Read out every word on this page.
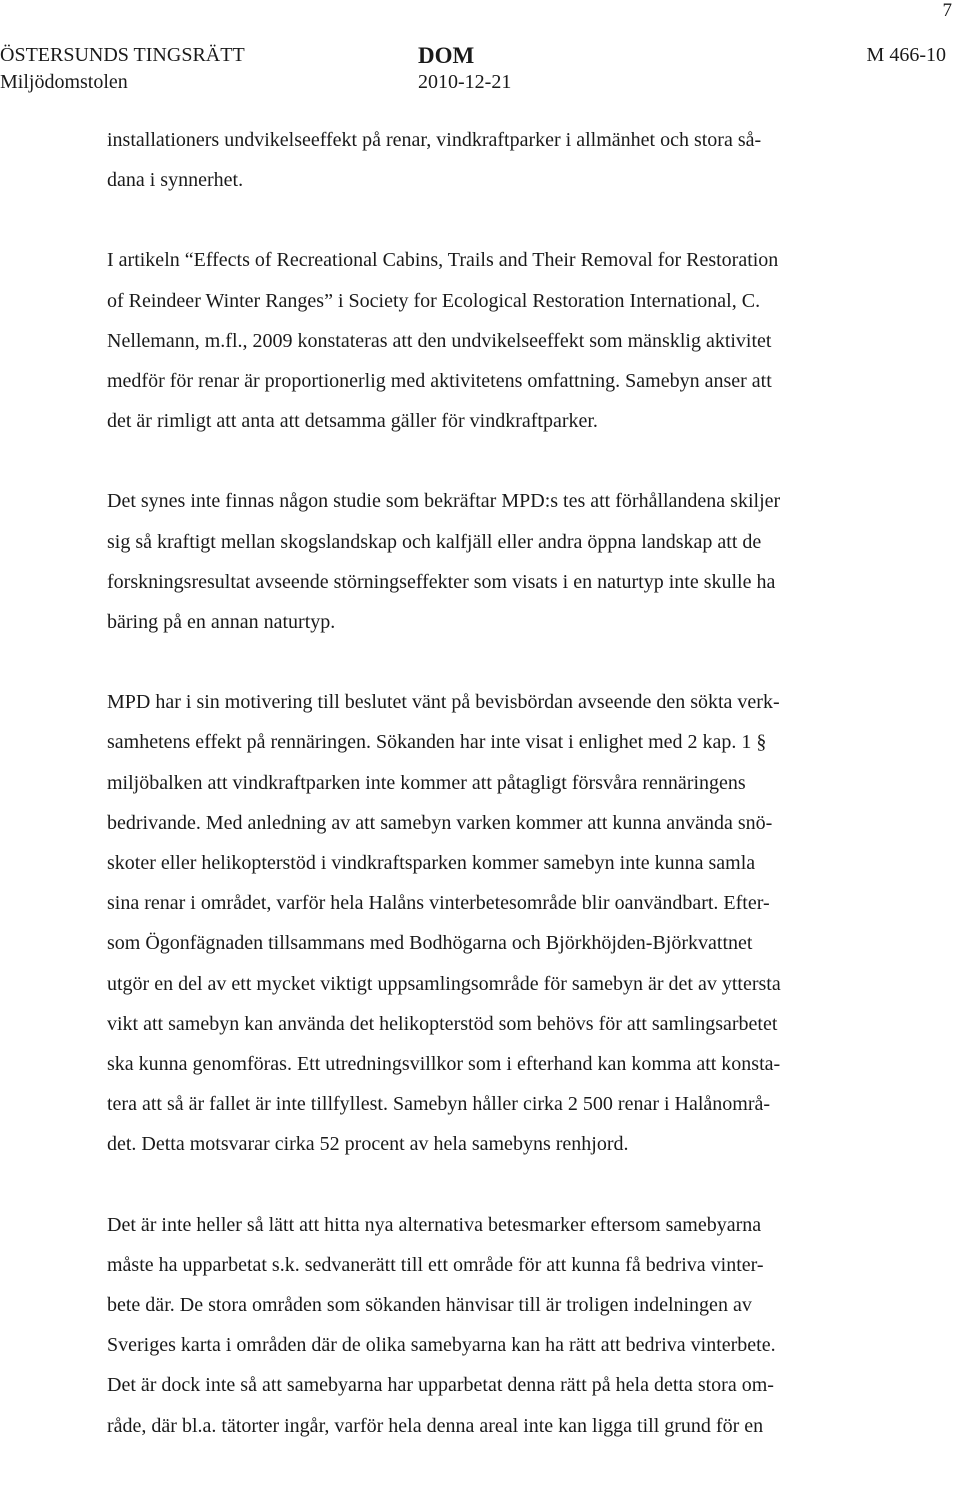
7
ÖSTERSUNDS TINGSRÄTT
Miljödomstolen
DOM
2010-12-21
M 466-10

installationers undvikelseeffekt på renar, vindkraftparker i allmänhet och stora så-
dana i synnerhet.

I artikeln “Effects of Recreational Cabins, Trails and Their Removal for Restoration
of Reindeer Winter Ranges” i Society for Ecological Restoration International, C.
Nellemann, m.fl., 2009 konstateras att den undvikelseeffekt som mänsklig aktivitet
medför för renar är proportionerlig med aktivitetens omfattning. Samebyn anser att
det är rimligt att anta att detsamma gäller för vindkraftparker.

Det synes inte finnas någon studie som bekräftar MPD:s tes att förhållandena skiljer
sig så kraftigt mellan skogslandskap och kalfjäll eller andra öppna landskap att de
forskningsresultat avseende störningseffekter som visats i en naturtyp inte skulle ha
bäring på en annan naturtyp.

MPD har i sin motivering till beslutet vänt på bevisbördan avseende den sökta verk-
samhetens effekt på rennäringen. Sökanden har inte visat i enlighet med 2 kap. 1 §
miljöbalken att vindkraftparken inte kommer att påtagligt försvåra rennäringens
bedrivande. Med anledning av att samebyn varken kommer att kunna använda snö-
skoter eller helikopterstöd i vindkraftsparken kommer samebyn inte kunna samla
sina renar i området, varför hela Halåns vinterbetesområde blir oanvändbart. Efter-
som Ögonfägnaden tillsammans med Bodhögarna och Björkhöjden-Björkvattnet
utgör en del av ett mycket viktigt uppsamlingsområde för samebyn är det av yttersta
vikt att samebyn kan använda det helikopterstöd som behövs för att samlingsarbetet
ska kunna genomföras. Ett utredningsvillkor som i efterhand kan komma att konsta-
tera att så är fallet är inte tillfyllest. Samebyn håller cirka 2 500 renar i Halånområ-
det. Detta motsvarar cirka 52 procent av hela samebyns renhjord.

Det är inte heller så lätt att hitta nya alternativa betesmarker eftersom samebyarna
måste ha upparbetat s.k. sedvanerätt till ett område för att kunna få bedriva vinter-
bete där. De stora områden som sökanden hänvisar till är troligen indelningen av
Sveriges karta i områden där de olika samebyarna kan ha rätt att bedriva vinterbete.
Det är dock inte så att samebyarna har upparbetat denna rätt på hela detta stora om-
råde, där bl.a. tätorter ingår, varför hela denna areal inte kan ligga till grund för en
